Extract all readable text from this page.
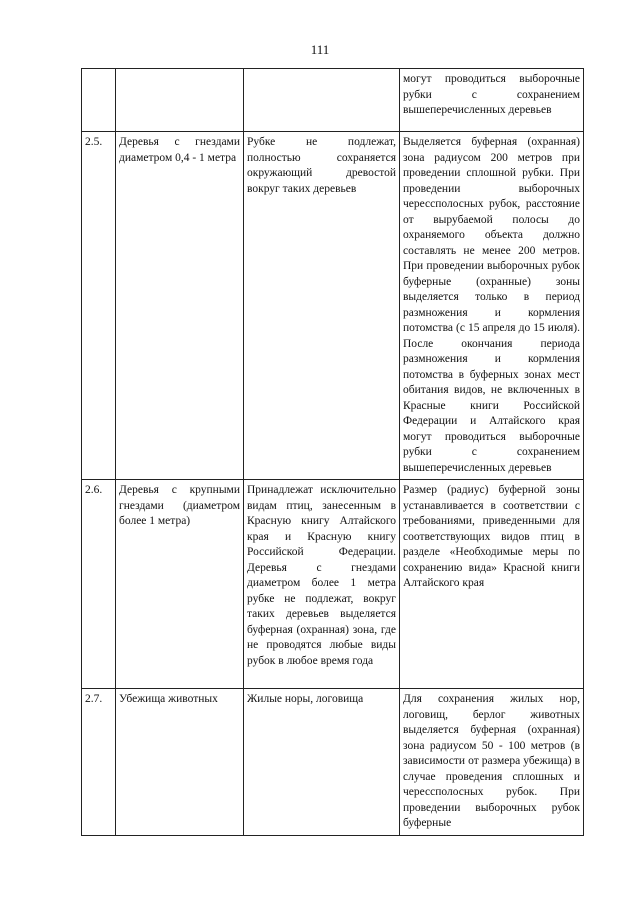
111
			могут проводиться выборочные рубки с сохранением вышеперечисленных деревьев
2.5.	Деревья с гнездами диаметром 0,4 - 1 метра	Рубке не подлежат, полностью сохраняется окружающий древостой вокруг таких деревьев	Выделяется буферная (охранная) зона радиусом 200 метров при проведении сплошной рубки. При проведении выборочных черессполосных рубок, расстояние от вырубаемой полосы до охраняемого объекта должно составлять не менее 200 метров. При проведении выборочных рубок буферные (охранные) зоны выделяется только в период размножения и кормления потомства (с 15 апреля до 15 июля). После окончания периода размножения и кормления потомства в буферных зонах мест обитания видов, не включенных в Красные книги Российской Федерации и Алтайского края могут проводиться выборочные рубки с сохранением вышеперечисленных деревьев
2.6.	Деревья с крупными гнездами (диаметром более 1 метра)	Принадлежат исключительно видам птиц, занесенным в Красную книгу Алтайского края и Красную книгу Российской Федерации. Деревья с гнездами диаметром более 1 метра рубке не подлежат, вокруг таких деревьев выделяется буферная (охранная) зона, где не проводятся любые виды рубок в любое время года	Размер (радиус) буферной зоны устанавливается в соответствии с требованиями, приведенными для соответствующих видов птиц в разделе «Необходимые меры по сохранению вида» Красной книги Алтайского края
2.7.	Убежища животных	Жилые норы, логовища	Для сохранения жилых нор, логовищ, берлог животных выделяется буферная (охранная) зона радиусом 50 - 100 метров (в зависимости от размера убежища) в случае проведения сплошных и черессполосных рубок. При проведении выборочных рубок буферные
